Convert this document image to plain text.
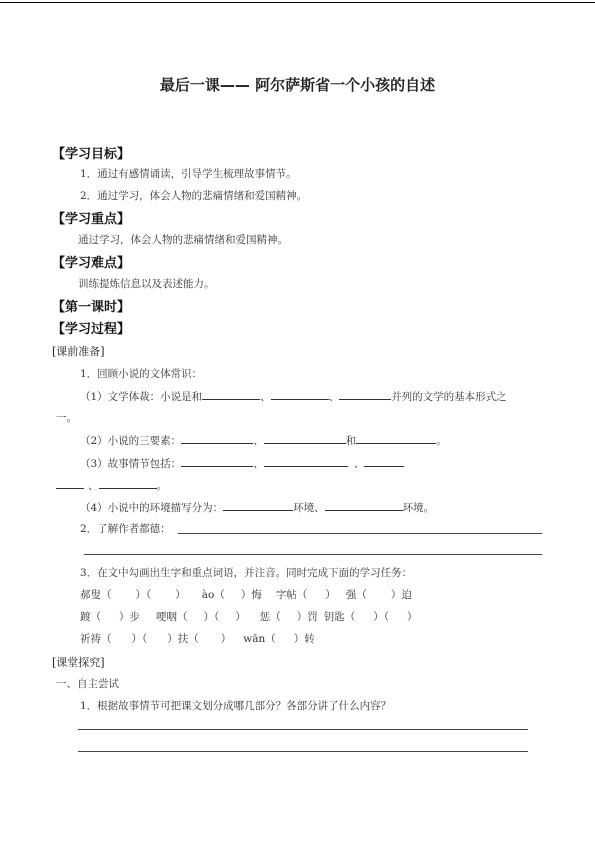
最后一课—— 阿尔萨斯省一个小孩的自述
【学习目标】
1．通过有感情诵读，引导学生梳理故事情节。
2．通过学习，体会人物的悲痛情绪和爱国精神。
【学习重点】
通过学习，体会人物的悲痛情绪和爱国精神。
【学习难点】
训练提炼信息以及表述能力。
【第一课时】
【学习过程】
[课前准备]
1．回顾小说的文体常识：
（1）文学体裁：小说是和	、	、	并列的文学的基本形式之
一。
（2）小说的三要素：	、	和	。
（3）故事情节包括：	、	、
、	。
（4）小说中的环境描写分为：	环境、	环境。
2．了解作者都德：
3．在文中勾画出生字和重点词语，并注音。同时完成下面的学习任务：
郝叟（ ）（ ） ào（ ）悔 字帖（ ） 强（ ）迫
踱（ ）步 哽咽（ ）（ ） 惩（ ）罚 钥匙（ ）（ ）
祈祷（ ）（ ）扶（ ） wān（ ）转
[课堂探究]
一、自主尝试
1．根据故事情节可把课文划分成哪几部分？各部分讲了什么内容？
